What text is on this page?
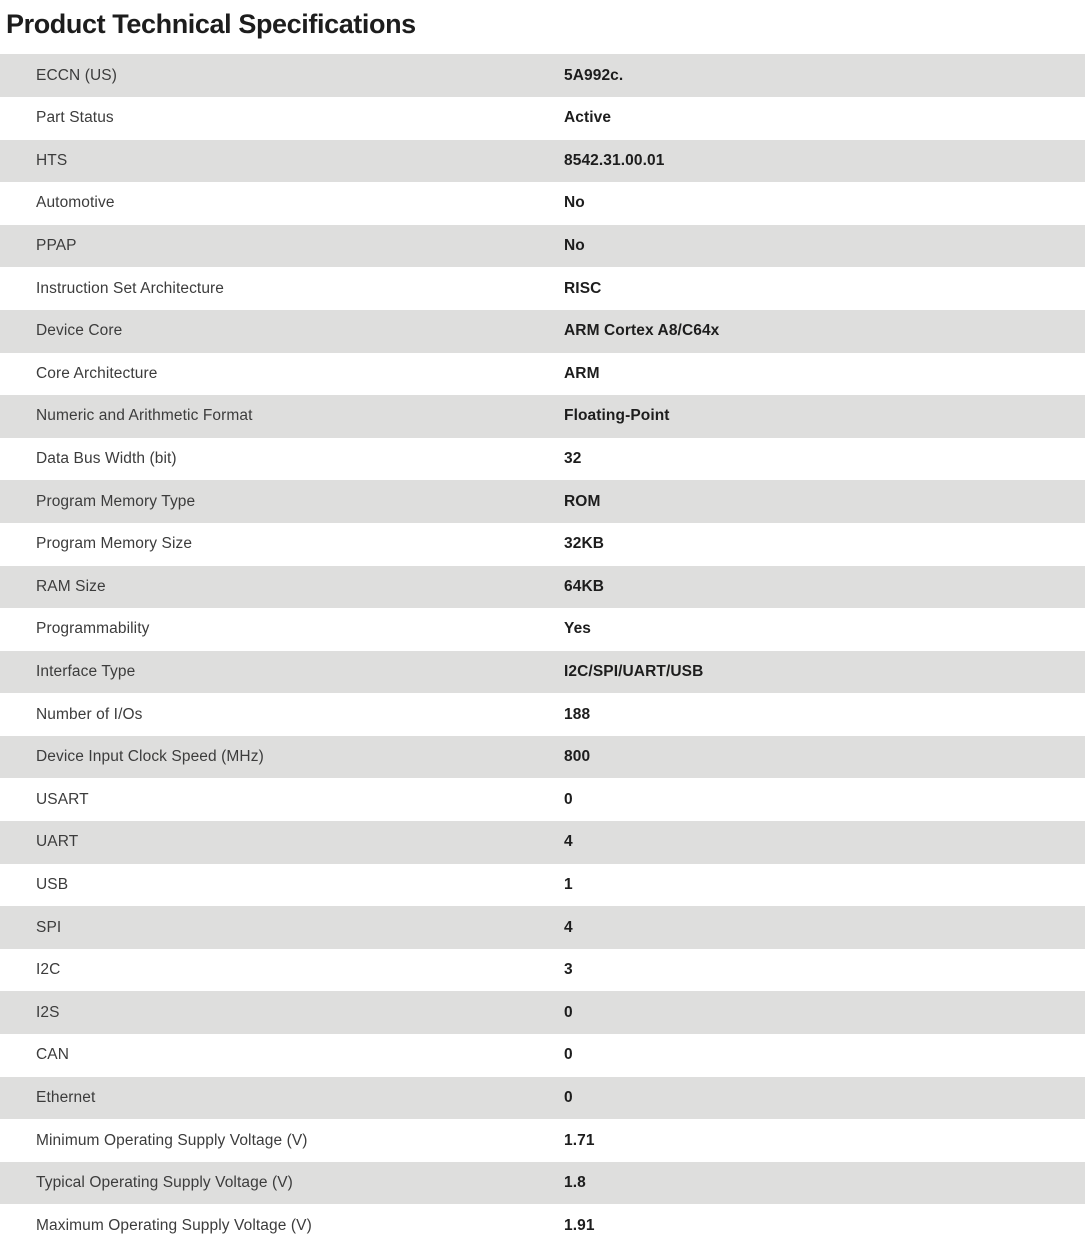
Product Technical Specifications
ECCN (US)	5A992c.
Part Status	Active
HTS	8542.31.00.01
Automotive	No
PPAP	No
Instruction Set Architecture	RISC
Device Core	ARM Cortex A8/C64x
Core Architecture	ARM
Numeric and Arithmetic Format	Floating-Point
Data Bus Width (bit)	32
Program Memory Type	ROM
Program Memory Size	32KB
RAM Size	64KB
Programmability	Yes
Interface Type	I2C/SPI/UART/USB
Number of I/Os	188
Device Input Clock Speed (MHz)	800
USART	0
UART	4
USB	1
SPI	4
I2C	3
I2S	0
CAN	0
Ethernet	0
Minimum Operating Supply Voltage (V)	1.71
Typical Operating Supply Voltage (V)	1.8
Maximum Operating Supply Voltage (V)	1.91
